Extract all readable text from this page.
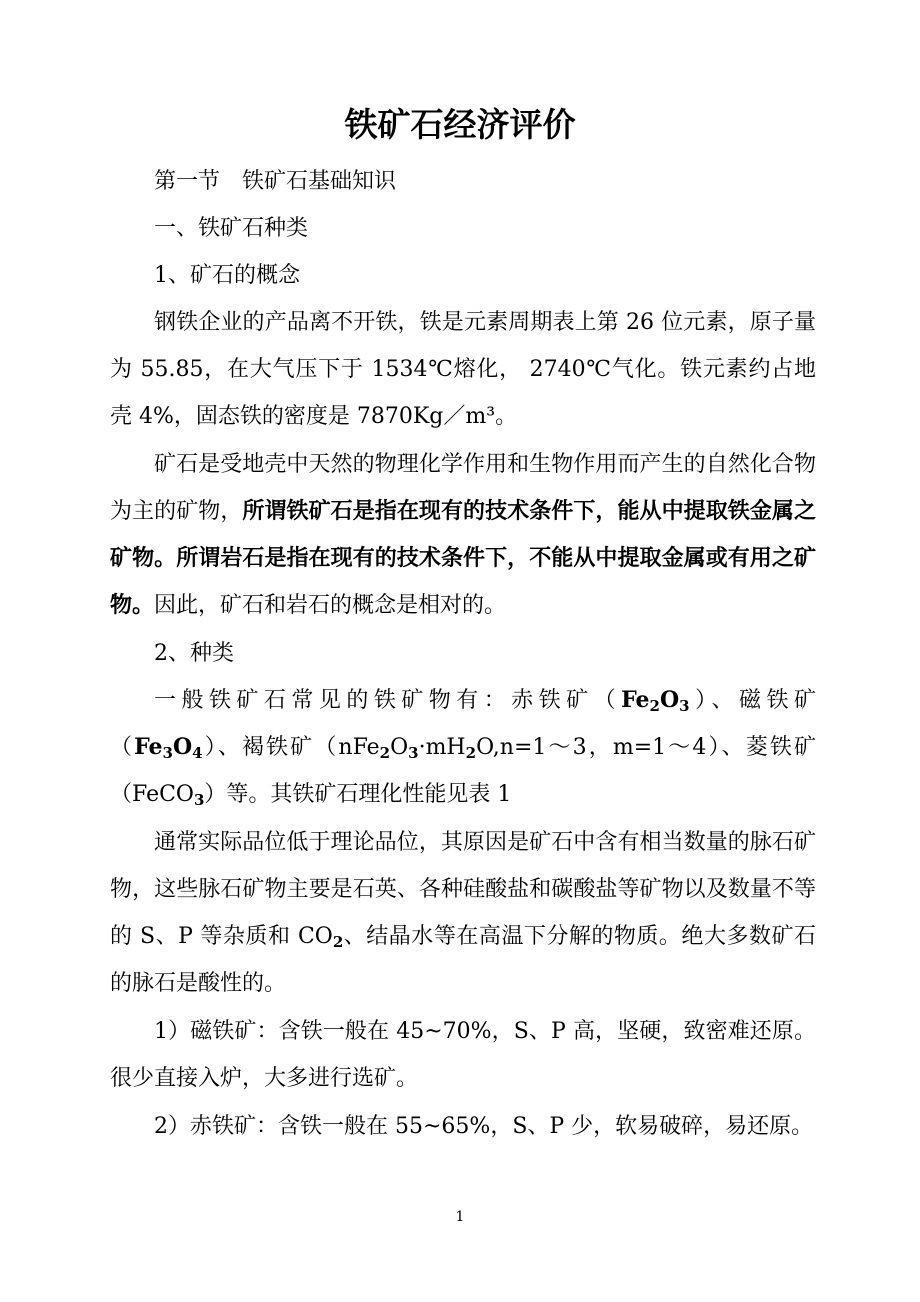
铁矿石经济评价

第一节　铁矿石基础知识

一、铁矿石种类

1、矿石的概念

钢铁企业的产品离不开铁，铁是元素周期表上第 26 位元素，原子量为 55.85，在大气压下于 1534℃熔化， 2740℃气化。铁元素约占地壳 4%，固态铁的密度是 7870Kg／m³。

矿石是受地壳中天然的物理化学作用和生物作用而产生的自然化合物为主的矿物，所谓铁矿石是指在现有的技术条件下，能从中提取铁金属之矿物。所谓岩石是指在现有的技术条件下，不能从中提取金属或有用之矿物。因此，矿石和岩石的概念是相对的。

2、种类

一般铁矿石常见的铁矿物有：赤铁矿$(Fe_2O_3)$、磁铁矿$(Fe_3O_4)$、褐铁矿（$nFe_2O_3\cdot mH_2O,n=1\sim 3$，m=1～4）、菱铁矿（FeCO$_3$）等。其铁矿石理化性能见表 1

通常实际品位低于理论品位，其原因是矿石中含有相当数量的脉石矿物，这些脉石矿物主要是石英、各种硅酸盐和碳酸盐等矿物以及数量不等的 S、P 等杂质和 $CO_2$、结晶水等在高温下分解的物质。绝大多数矿石的脉石是酸性的。

1）磁铁矿：含铁一般在 45~70%，S、P 高，坚硬，致密难还原。很少直接入炉，大多进行选矿。

2）赤铁矿：含铁一般在 55~65%，S、P 少，软易破碎，易还原。

1
